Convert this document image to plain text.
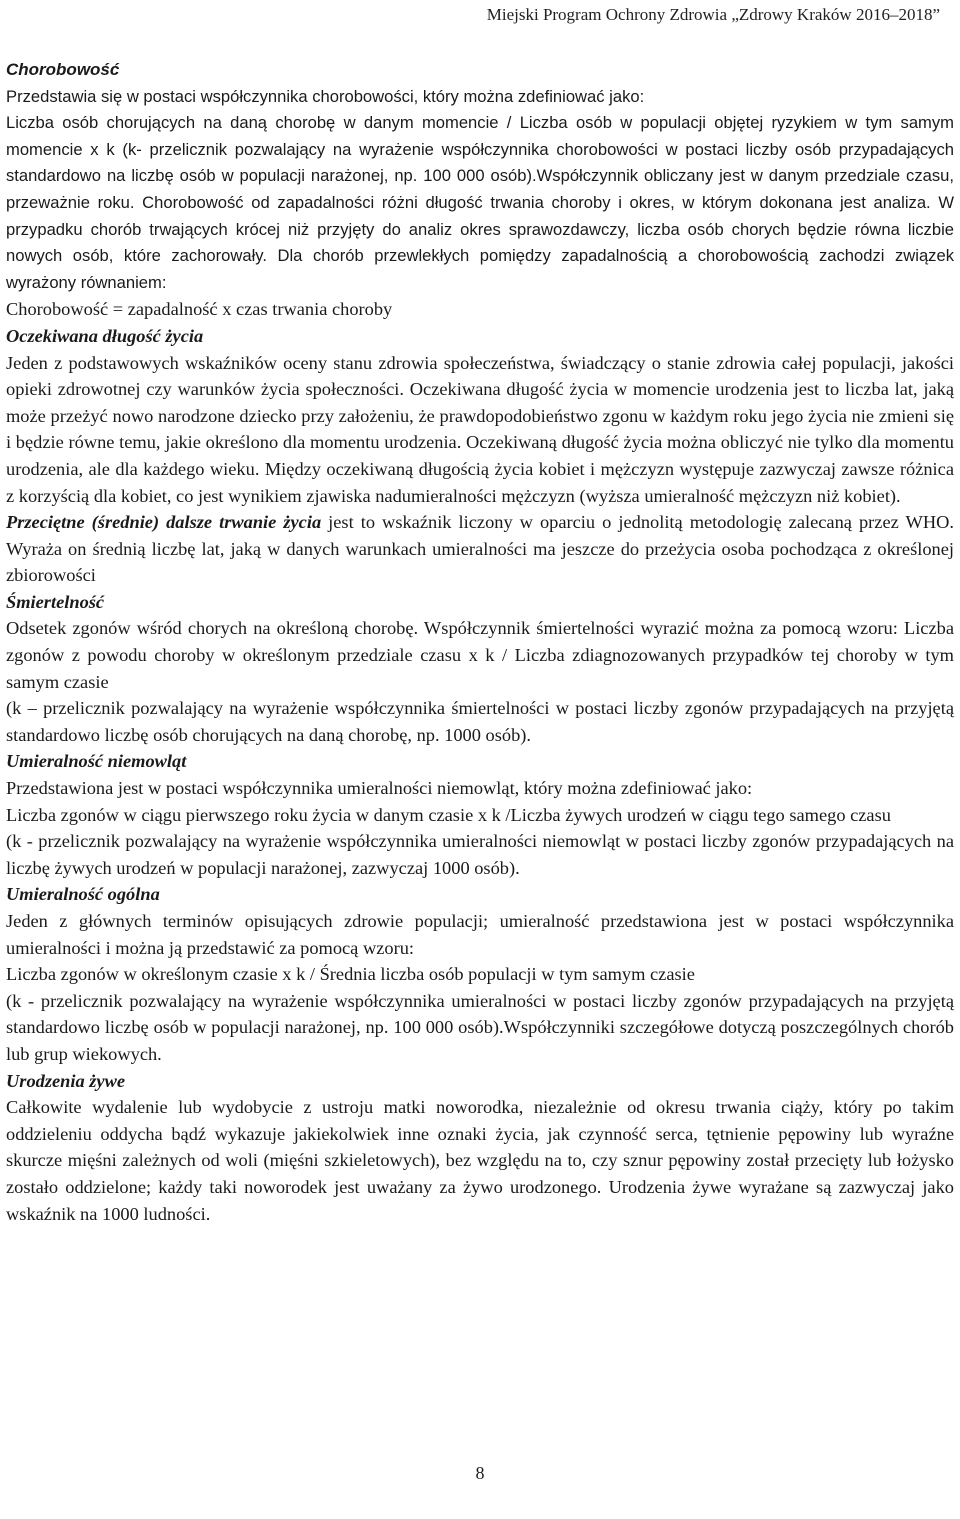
Miejski Program Ochrony Zdrowia „Zdrowy Kraków 2016–2018”
Chorobowość

Przedstawia się w postaci współczynnika chorobowości, który można zdefiniować jako:

Liczba osób chorujących na daną chorobę w danym momencie / Liczba osób w populacji objętej ryzykiem w tym samym momencie x k (k- przelicznik pozwalający na wyrażenie współczynnika chorobowości w postaci liczby osób przypadających standardowo na liczbę osób w populacji narażonej, np. 100 000 osób).Współczynnik obliczany jest w danym przedziale czasu, przeważnie roku. Chorobowość od zapadalności różni długość trwania choroby i okres, w którym dokonana jest analiza. W przypadku chorób trwających krócej niż przyjęty do analiz okres sprawozdawczy, liczba osób chorych będzie równa liczbie nowych osób, które zachorowały. Dla chorób przewlekłych pomiędzy zapadalnością a chorobowością zachodzi związek wyrażony równaniem:

Chorobowość = zapadalność x czas trwania choroby

Oczekiwana długość życia

Jeden z podstawowych wskaźników oceny stanu zdrowia społeczeństwa, świadczący o stanie zdrowia całej populacji, jakości opieki zdrowotnej czy warunków życia społeczności. Oczekiwana długość życia w momencie urodzenia jest to liczba lat, jaką może przeżyć nowo narodzone dziecko przy założeniu, że prawdopodobieństwo zgonu w każdym roku jego życia nie zmieni się i będzie równe temu, jakie określono dla momentu urodzenia. Oczekiwaną długość życia można obliczyć nie tylko dla momentu urodzenia, ale dla każdego wieku. Między oczekiwaną długością życia kobiet i mężczyzn występuje zazwyczaj zawsze różnica z korzyścią dla kobiet, co jest wynikiem zjawiska nadumieralności mężczyzn (wyższa umieralność mężczyzn niż kobiet).

Przeciętne (średnie) dalsze trwanie życia jest to wskaźnik liczony w oparciu o jednolitą metodologię zalecaną przez WHO. Wyraża on średnią liczbę lat, jaką w danych warunkach umieralności ma jeszcze do przeżycia osoba pochodząca z określonej zbiorowości

Śmiertelność

Odsetek zgonów wśród chorych na określoną chorobę. Współczynnik śmiertelności wyrazić można za pomocą wzoru: Liczba zgonów z powodu choroby w określonym przedziale czasu x k / Liczba zdiagnozowanych przypadków tej choroby w tym samym czasie

(k – przelicznik pozwalający na wyrażenie współczynnika śmiertelności w postaci liczby zgonów przypadających na przyjętą standardowo liczbę osób chorujących na daną chorobę, np. 1000 osób).

Umieralność niemowląt

Przedstawiona jest w postaci współczynnika umieralności niemowląt, który można zdefiniować jako:

Liczba zgonów w ciągu pierwszego roku życia w danym czasie x k /Liczba żywych urodzeń w ciągu tego samego czasu

(k - przelicznik pozwalający na wyrażenie współczynnika umieralności niemowląt w postaci liczby zgonów przypadających na liczbę żywych urodzeń w populacji narażonej, zazwyczaj 1000 osób).

Umieralność ogólna

Jeden z głównych terminów opisujących zdrowie populacji; umieralność przedstawiona jest w postaci współczynnika umieralności i można ją przedstawić za pomocą wzoru:

Liczba zgonów w określonym czasie x k / Średnia liczba osób populacji w tym samym czasie

(k - przelicznik pozwalający na wyrażenie współczynnika umieralności w postaci liczby zgonów przypadających na przyjętą standardowo liczbę osób w populacji narażonej, np. 100 000 osób).Współczynniki szczegółowe dotyczą poszczególnych chorób lub grup wiekowych.

Urodzenia żywe

Całkowite wydalenie lub wydobycie z ustroju matki noworodka, niezależnie od okresu trwania ciąży, który po takim oddzieleniu oddycha bądź wykazuje jakiekolwiek inne oznaki życia, jak czynność serca, tętnienie pępowiny lub wyraźne skurcze mięśni zależnych od woli (mięśni szkieletowych), bez względu na to, czy sznur pępowiny został przecięty lub łożysko zostało oddzielone; każdy taki noworodek jest uważany za żywo urodzonego. Urodzenia żywe wyrażane są zazwyczaj jako wskaźnik na 1000 ludności.

8
